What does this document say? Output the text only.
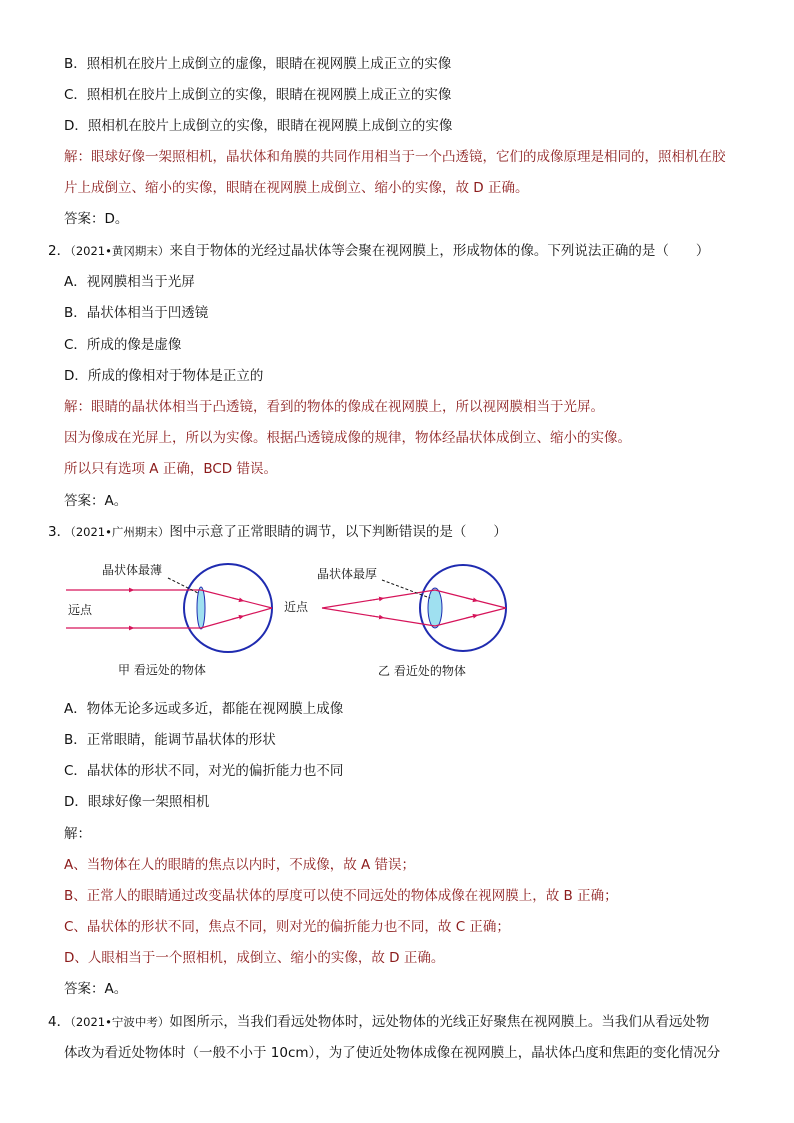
B．照相机在胶片上成倒立的虚像，眼睛在视网膜上成正立的实像
C．照相机在胶片上成倒立的实像，眼睛在视网膜上成正立的实像
D．照相机在胶片上成倒立的实像，眼睛在视网膜上成倒立的实像
解：眼球好像一架照相机，晶状体和角膜的共同作用相当于一个凸透镜，它们的成像原理是相同的，照相机在胶
片上成倒立、缩小的实像，眼睛在视网膜上成倒立、缩小的实像，故 D 正确。
答案：D。
2．（2021•黄冈期末）来自于物体的光经过晶状体等会聚在视网膜上，形成物体的像。下列说法正确的是（　　）
A．视网膜相当于光屏
B．晶状体相当于凹透镜
C．所成的像是虚像
D．所成的像相对于物体是正立的
解：眼睛的晶状体相当于凸透镜，看到的物体的像成在视网膜上，所以视网膜相当于光屏。
因为像成在光屏上，所以为实像。根据凸透镜成像的规律，物体经晶状体成倒立、缩小的实像。
所以只有选项 A 正确，BCD 错误。
答案：A。
3．（2021•广州期末）图中示意了正常眼睛的调节，以下判断错误的是（　　）
晶状体最薄
远点
甲 看远处的物体
晶状体最厚
近点
乙 看近处的物体
A．物体无论多远或多近，都能在视网膜上成像
B．正常眼睛，能调节晶状体的形状
C．晶状体的形状不同，对光的偏折能力也不同
D．眼球好像一架照相机
解：
A、当物体在人的眼睛的焦点以内时，不成像，故 A 错误；
B、正常人的眼睛通过改变晶状体的厚度可以使不同远处的物体成像在视网膜上，故 B 正确；
C、晶状体的形状不同，焦点不同，则对光的偏折能力也不同，故 C 正确；
D、人眼相当于一个照相机，成倒立、缩小的实像，故 D 正确。
答案：A。
4．（2021•宁波中考）如图所示，当我们看远处物体时，远处物体的光线正好聚焦在视网膜上。当我们从看远处物
体改为看近处物体时（一般不小于 10cm），为了使近处物体成像在视网膜上，晶状体凸度和焦距的变化情况分
